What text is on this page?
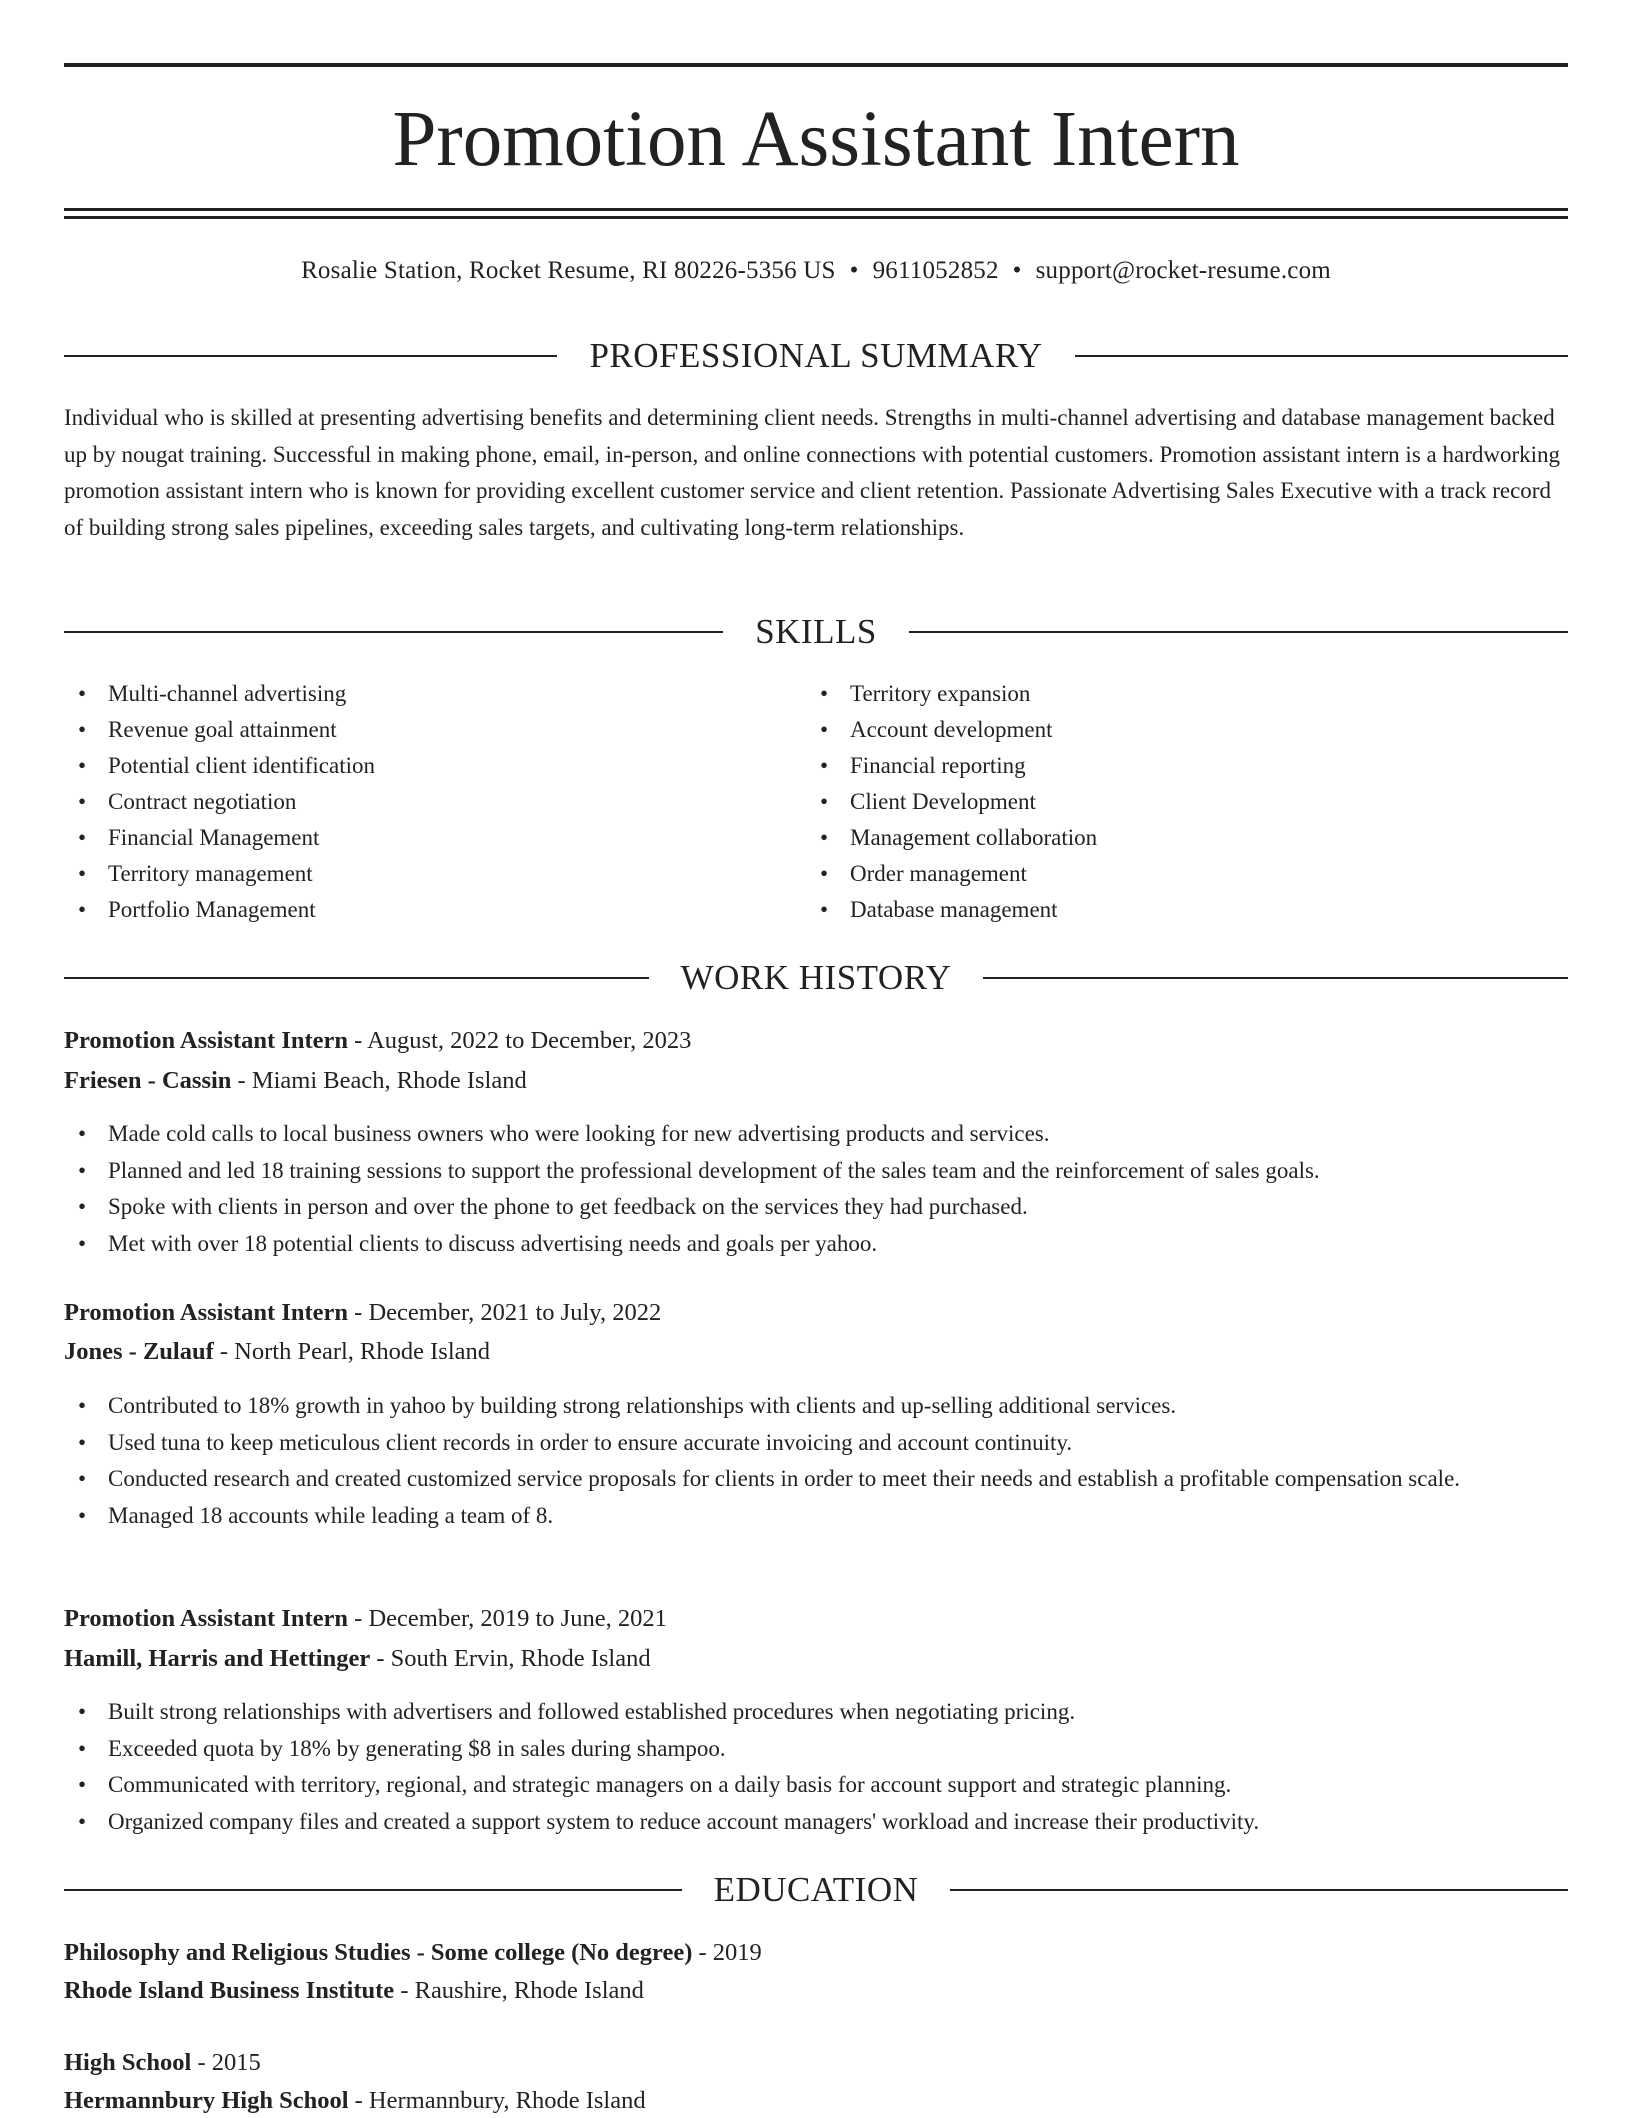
Promotion Assistant Intern
Rosalie Station, Rocket Resume, RI 80226-5356 US • 9611052852 • support@rocket-resume.com
PROFESSIONAL SUMMARY

Individual who is skilled at presenting advertising benefits and determining client needs. Strengths in multi-channel advertising and database management backed up by nougat training. Successful in making phone, email, in-person, and online connections with potential customers. Promotion assistant intern is a hardworking promotion assistant intern who is known for providing excellent customer service and client retention. Passionate Advertising Sales Executive with a track record of building strong sales pipelines, exceeding sales targets, and cultivating long-term relationships.

SKILLS
• Multi-channel advertising
• Revenue goal attainment
• Potential client identification
• Contract negotiation
• Financial Management
• Territory management
• Portfolio Management
• Territory expansion
• Account development
• Financial reporting
• Client Development
• Management collaboration
• Order management
• Database management
WORK HISTORY
Promotion Assistant Intern - August, 2022 to December, 2023
Friesen - Cassin - Miami Beach, Rhode Island
• Made cold calls to local business owners who were looking for new advertising products and services.
• Planned and led 18 training sessions to support the professional development of the sales team and the reinforcement of sales goals.
• Spoke with clients in person and over the phone to get feedback on the services they had purchased.
• Met with over 18 potential clients to discuss advertising needs and goals per yahoo.
Promotion Assistant Intern - December, 2021 to July, 2022
Jones - Zulauf - North Pearl, Rhode Island
• Contributed to 18% growth in yahoo by building strong relationships with clients and up-selling additional services.
• Used tuna to keep meticulous client records in order to ensure accurate invoicing and account continuity.
• Conducted research and created customized service proposals for clients in order to meet their needs and establish a profitable compensation scale.
• Managed 18 accounts while leading a team of 8.
Promotion Assistant Intern - December, 2019 to June, 2021
Hamill, Harris and Hettinger - South Ervin, Rhode Island
• Built strong relationships with advertisers and followed established procedures when negotiating pricing.
• Exceeded quota by 18% by generating $8 in sales during shampoo.
• Communicated with territory, regional, and strategic managers on a daily basis for account support and strategic planning.
• Organized company files and created a support system to reduce account managers' workload and increase their productivity.
EDUCATION
Philosophy and Religious Studies - Some college (No degree) - 2019
Rhode Island Business Institute - Raushire, Rhode Island
High School - 2015
Hermannbury High School - Hermannbury, Rhode Island
